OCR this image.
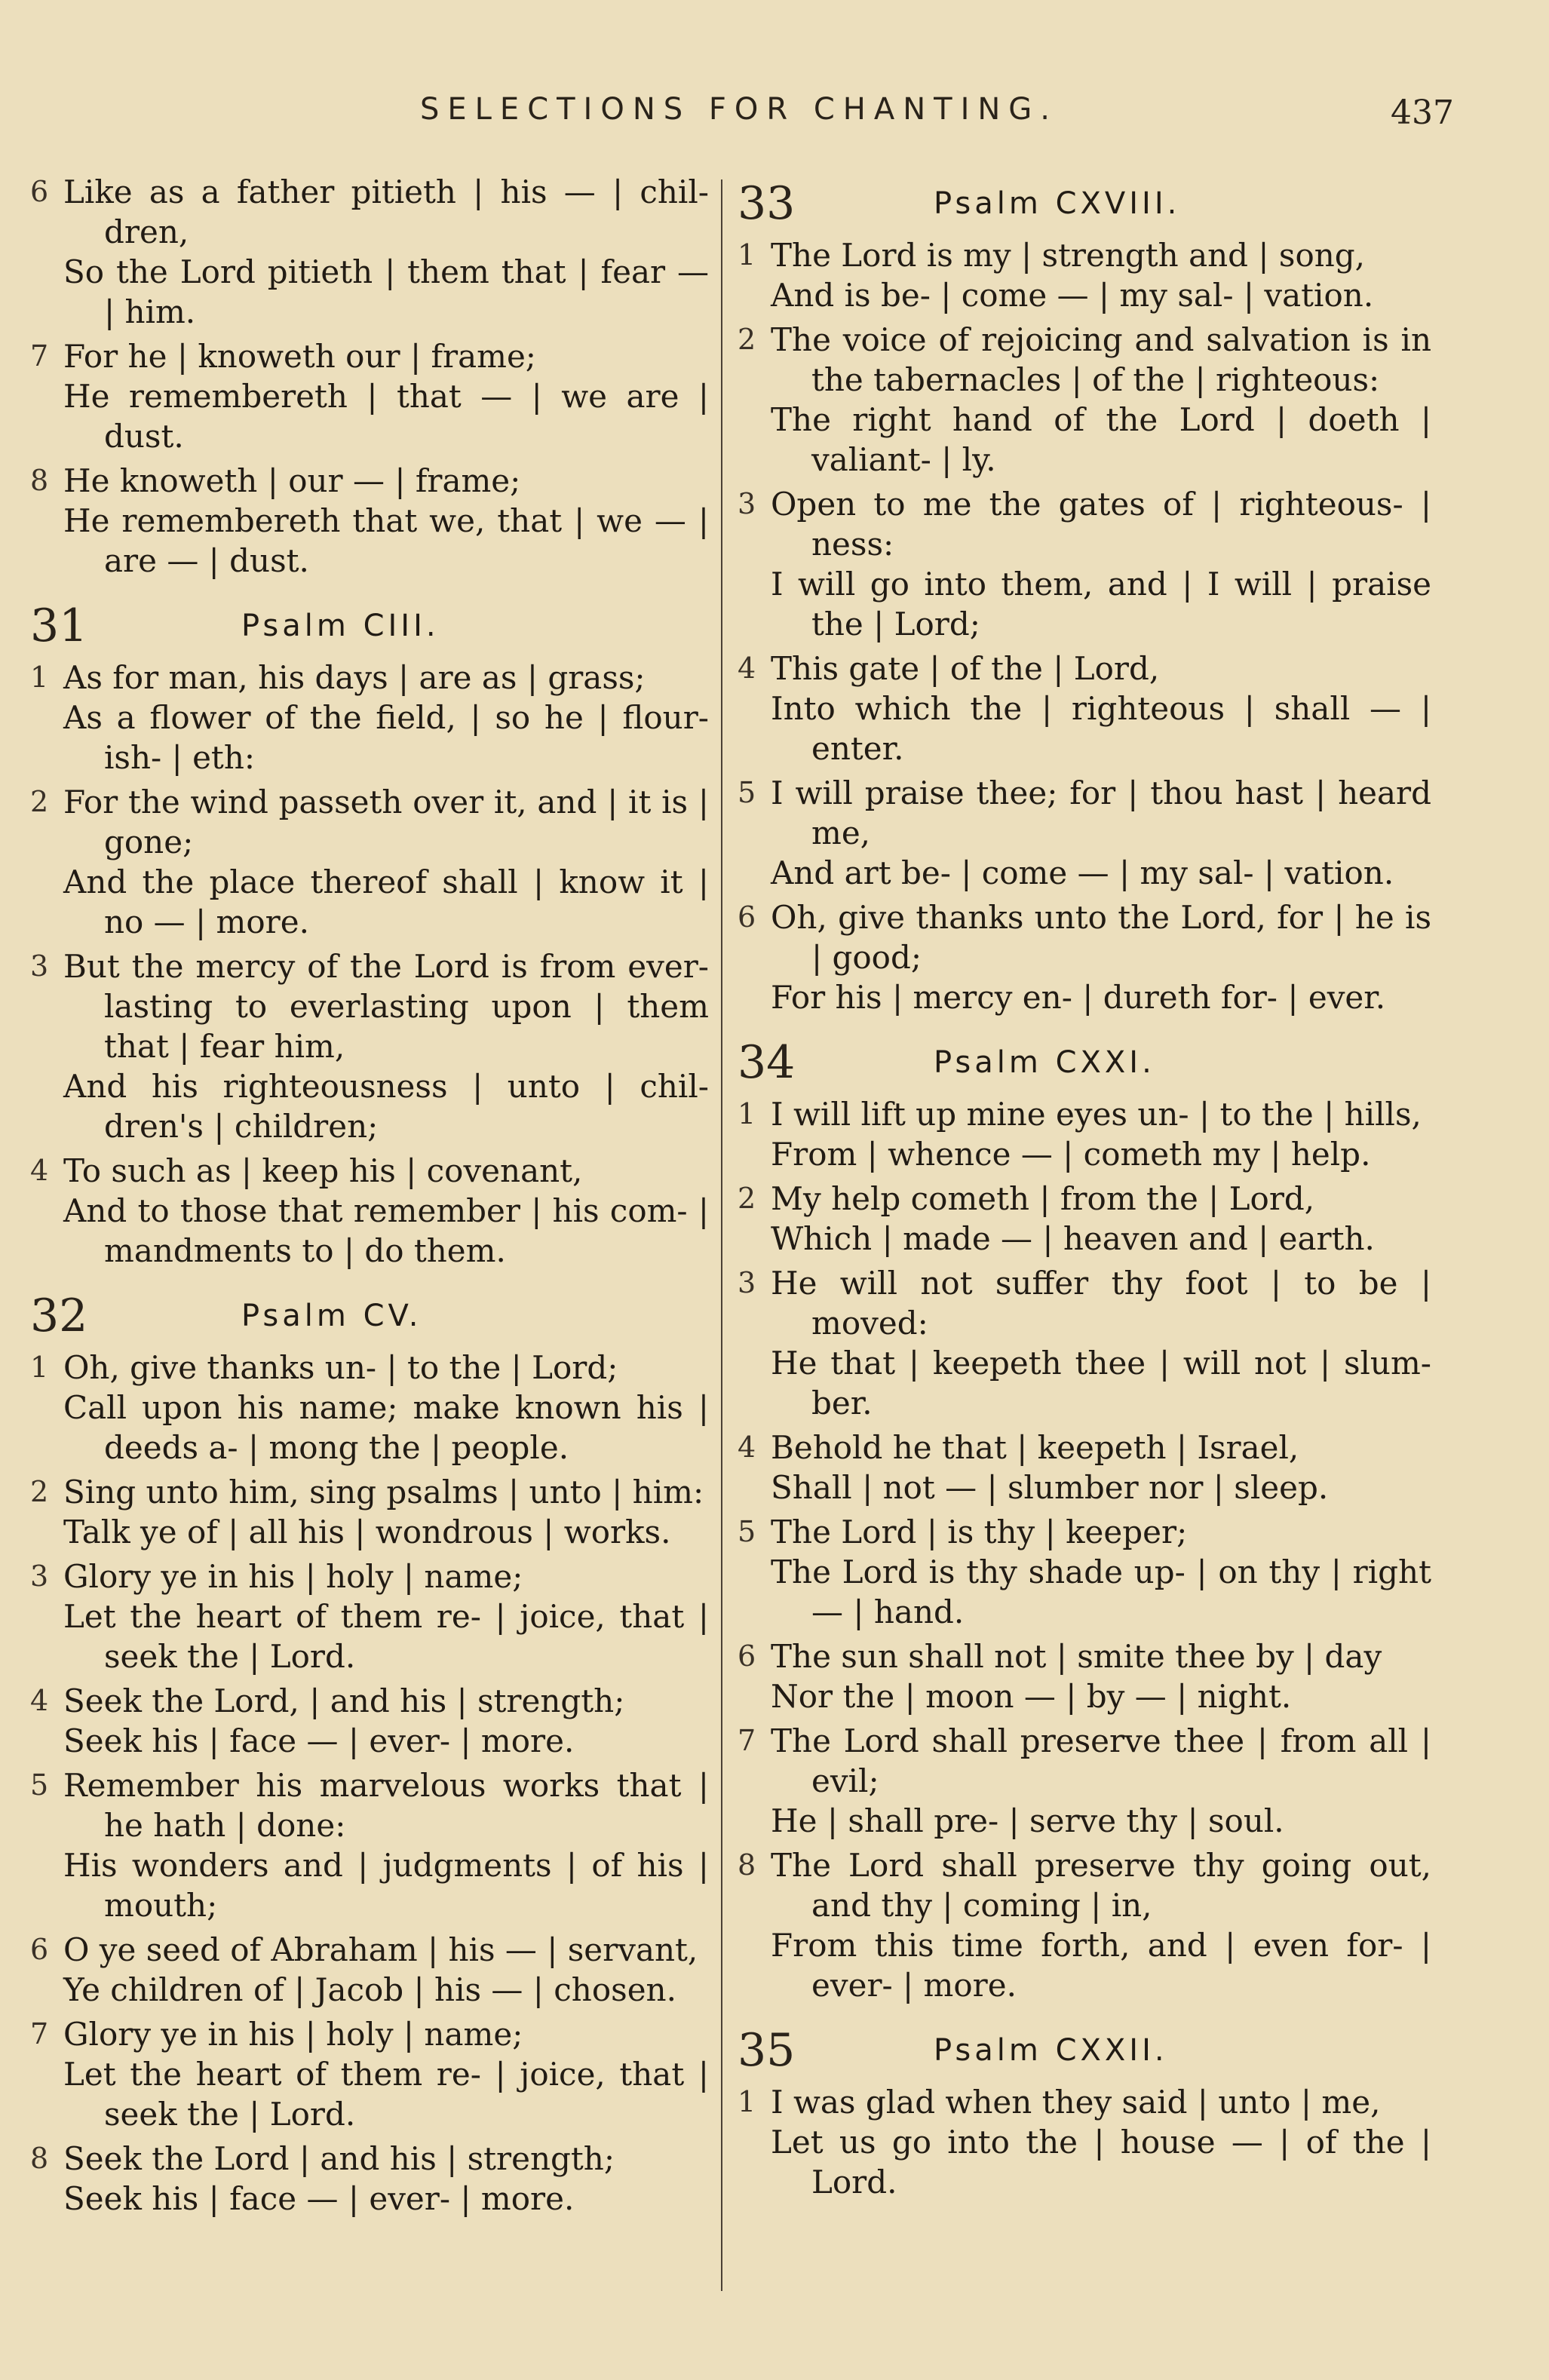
SELECTIONS FOR CHANTING.	437
6 Like as a father pitieth | his — | chil-dren,
So the Lord pitieth | them that | fear — | him.
7 For he | knoweth our | frame;
He remembereth | that — | we are | dust.
8 He knoweth | our — | frame;
He remembereth that we, that | we — | are — | dust.
31	Psalm CIII.
1 As for man, his days | are as | grass;
As a flower of the field, | so he | flour-ish- | eth:
2 For the wind passeth over it, and | it is | gone;
And the place thereof shall | know it | no — | more.
3 But the mercy of the Lord is from ever-lasting to everlasting upon | them that | fear him,
And his righteousness | unto | chil-dren's | children;
4 To such as | keep his | covenant,
And to those that remember | his com- | mandments to | do them.
32	Psalm CV.
1 Oh, give thanks un- | to the | Lord;
Call upon his name; make known his | deeds a- | mong the | people.
2 Sing unto him, sing psalms | unto | him:
Talk ye of | all his | wondrous | works.
3 Glory ye in his | holy | name;
Let the heart of them re- | joice, that | seek the | Lord.
4 Seek the Lord, | and his | strength;
Seek his | face — | ever- | more.
5 Remember his marvelous works that | he hath | done:
His wonders and | judgments | of his | mouth;
6 O ye seed of Abraham | his — | servant,
Ye children of | Jacob | his — | chosen.
7 Glory ye in his | holy | name;
Let the heart of them re- | joice, that | seek the | Lord.
8 Seek the Lord | and his | strength;
Seek his | face — | ever- | more.
33	Psalm CXVIII.
1 The Lord is my | strength and | song,
And is be- | come — | my sal- | vation.
2 The voice of rejoicing and salvation is in the tabernacles | of the | righteous:
The right hand of the Lord | doeth | valiant- | ly.
3 Open to me the gates of | righteous- | ness:
I will go into them, and | I will | praise the | Lord;
4 This gate | of the | Lord,
Into which the | righteous | shall — | enter.
5 I will praise thee; for | thou hast | heard me,
And art be- | come — | my sal- | vation.
6 Oh, give thanks unto the Lord, for | he is | good;
For his | mercy en- | dureth for- | ever.
34	Psalm CXXI.
1 I will lift up mine eyes un- | to the | hills,
From | whence — | cometh my | help.
2 My help cometh | from the | Lord,
Which | made — | heaven and | earth.
3 He will not suffer thy foot | to be | moved:
He that | keepeth thee | will not | slum-ber.
4 Behold he that | keepeth | Israel,
Shall | not — | slumber nor | sleep.
5 The Lord | is thy | keeper;
The Lord is thy shade up- | on thy | right — | hand.
6 The sun shall not | smite thee by | day
Nor the | moon — | by — | night.
7 The Lord shall preserve thee | from all | evil;
He | shall pre- | serve thy | soul.
8 The Lord shall preserve thy going out, and thy | coming | in,
From this time forth, and | even for- | ever- | more.
35	Psalm CXXII.
1 I was glad when they said | unto | me,
Let us go into the | house — | of the | Lord.
